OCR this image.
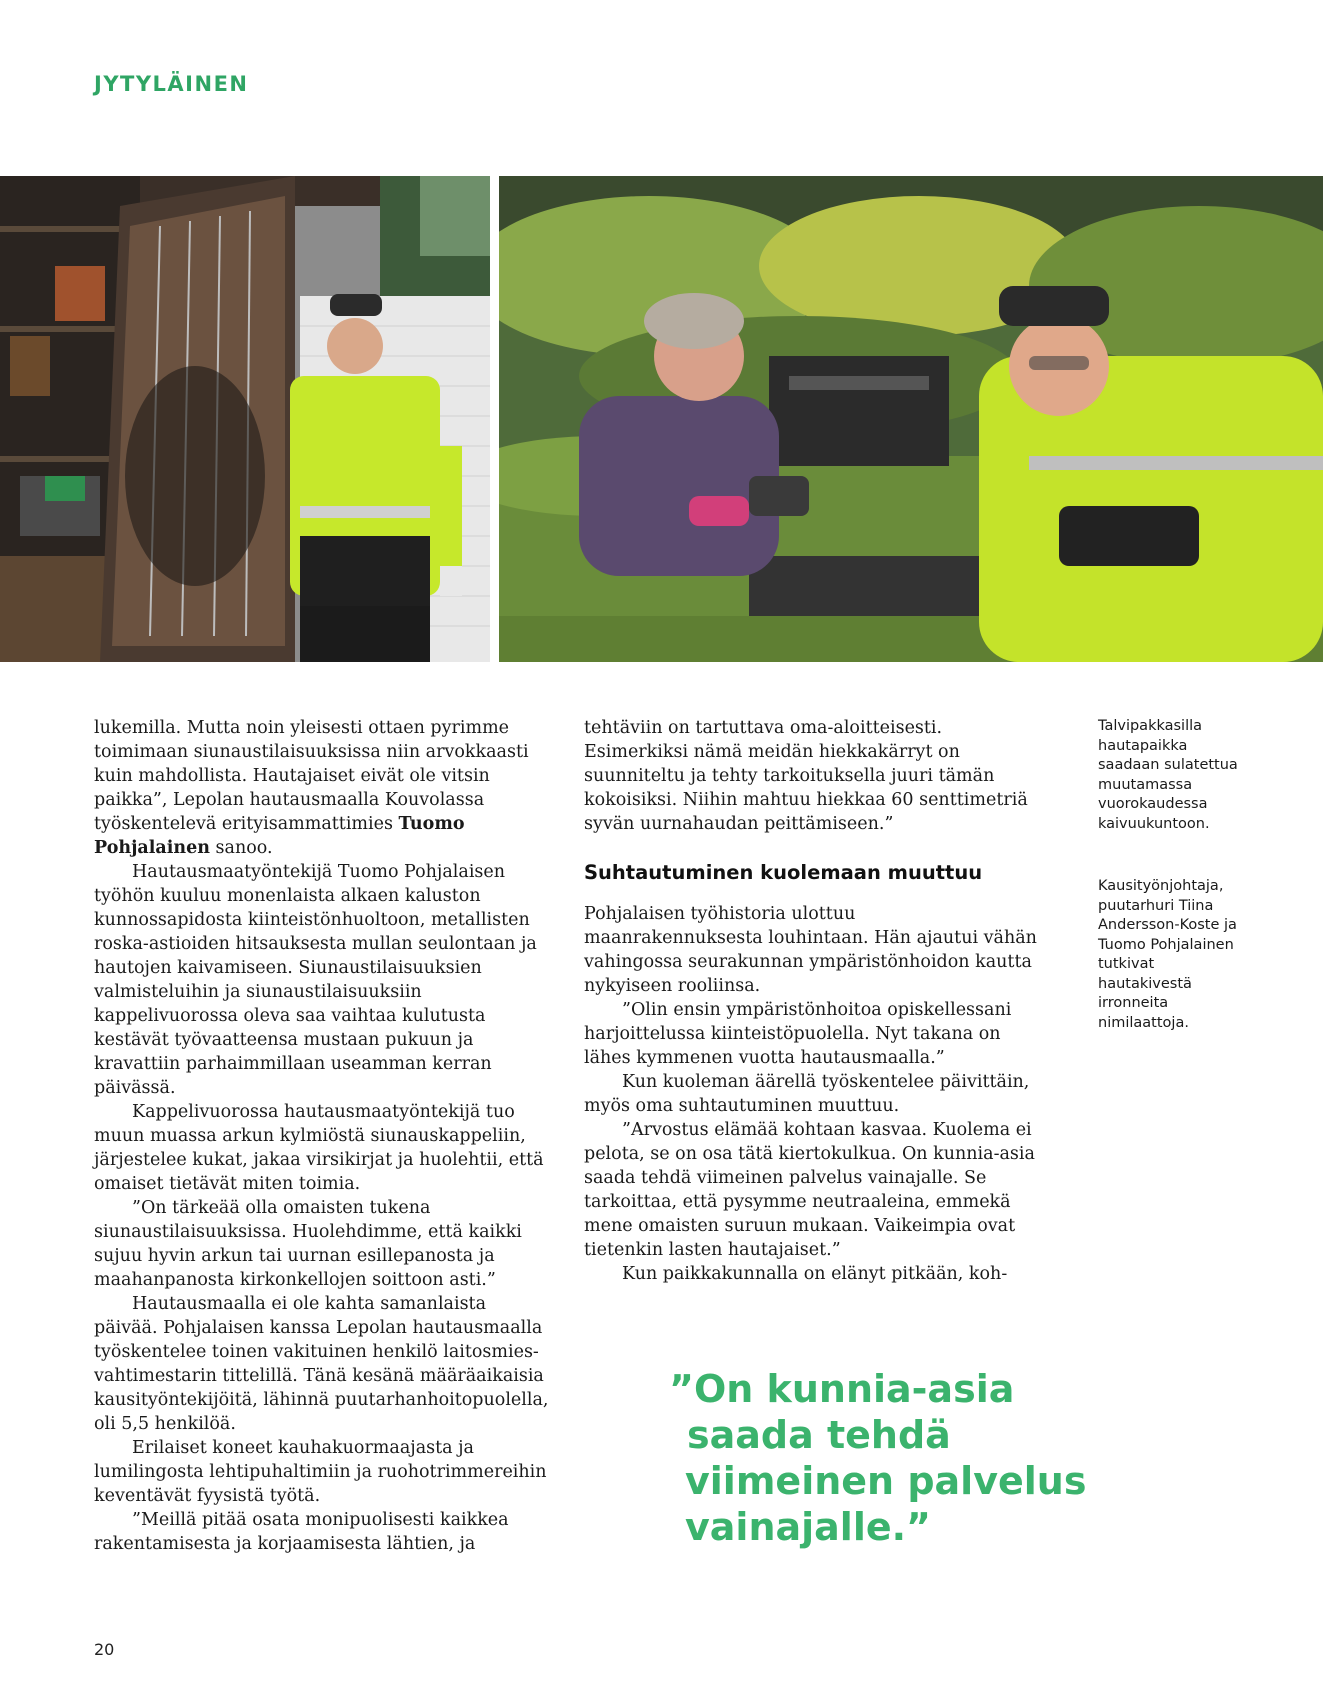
JYTYLÄINEN

lukemilla. Mutta noin yleisesti ottaen pyrimme toimimaan siunaustilaisuuksissa niin arvokkaasti kuin mahdollista. Hautajaiset eivät ole vitsin paikka”, Lepolan hautausmaalla Kouvolassa työskentelevä erityisammattimies Tuomo Pohjalainen sanoo.

Hautausmaatyöntekijä Tuomo Pohjalaisen työhön kuuluu monenlaista alkaen kaluston kunnossapidosta kiinteistönhuoltoon, metallisten roska-astioiden hitsauksesta mullan seulontaan ja hautojen kaivamiseen. Siunaustilaisuuksien valmisteluihin ja siunaustilaisuuksiin kappelivuorossa oleva saa vaihtaa kulutusta kestävät työvaatteensa mustaan pukuun ja kravattiin parhaimmillaan useamman kerran päivässä.

Kappelivuorossa hautausmaatyöntekijä tuo muun muassa arkun kylmiöstä siunauskappeliin, järjestelee kukat, jakaa virsikirjat ja huolehtii, että omaiset tietävät miten toimia.

”On tärkeää olla omaisten tukena siunaustilaisuuksissa. Huolehdimme, että kaikki sujuu hyvin arkun tai uurnan esillepanosta ja maahanpanosta kirkonkellojen soittoon asti.”

Hautausmaalla ei ole kahta samanlaista päivää. Pohjalaisen kanssa Lepolan hautausmaalla työskentelee toinen vakituinen henkilö laitosmies-vahtimestarin tittelillä. Tänä kesänä määräaikaisia kausityöntekijöitä, lähinnä puutarhanhoitopuolella, oli 5,5 henkilöä.

Erilaiset koneet kauhakuormaajasta ja lumilingosta lehtipuhaltimiin ja ruohotrimmereihin keventävät fyysistä työtä.

”Meillä pitää osata monipuolisesti kaikkea rakentamisesta ja korjaamisesta lähtien, ja

tehtäviin on tartuttava oma-aloitteisesti. Esimerkiksi nämä meidän hiekkakärryt on suunniteltu ja tehty tarkoituksella juuri tämän kokoisiksi. Niihin mahtuu hiekkaa 60 senttimetriä syvän uurnahaudan peittämiseen.”

Suhtautuminen kuolemaan muuttuu

Pohjalaisen työhistoria ulottuu maanrakennuksesta louhintaan. Hän ajautui vähän vahingossa seurakunnan ympäristönhoidon kautta nykyiseen rooliinsa.

”Olin ensin ympäristönhoitoa opiskellessani harjoittelussa kiinteistöpuolella. Nyt takana on lähes kymmenen vuotta hautausmaalla.”

Kun kuoleman äärellä työskentelee päivittäin, myös oma suhtautuminen muuttuu.

”Arvostus elämää kohtaan kasvaa. Kuolema ei pelota, se on osa tätä kiertokulkua. On kunnia-asia saada tehdä viimeinen palvelus vainajalle. Se tarkoittaa, että pysymme neutraaleina, emmekä mene omaisten suruun mukaan. Vaikeimpia ovat tietenkin lasten hautajaiset.”

Kun paikkakunnalla on elänyt pitkään, koh-

Talvipakkasilla hautapaikka saadaan sulatettua muutamassa vuorokaudessa kaivuukuntoon.
Kausityönjohtaja, puutarhuri Tiina Andersson-Koste ja Tuomo Pohjalainen tutkivat hautakivestä irronneita nimilaattoja.
”On kunnia-asia
saada tehdä
viimeinen palvelus
vainajalle.”
20
